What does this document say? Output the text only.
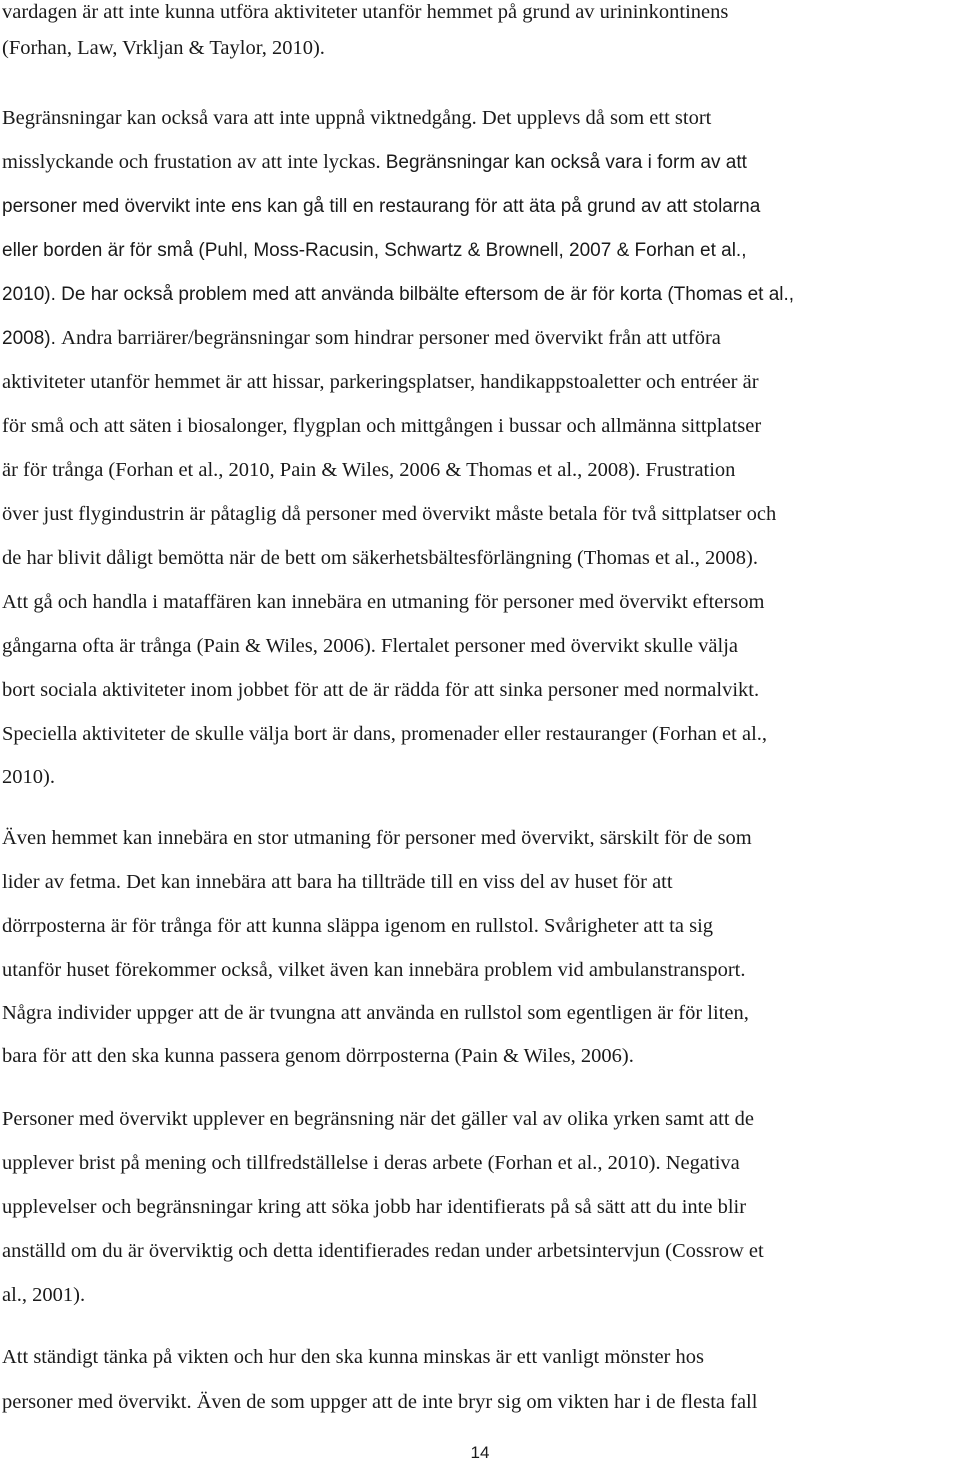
vardagen är att inte kunna utföra aktiviteter utanför hemmet på grund av urininkontinens
(Forhan, Law, Vrkljan & Taylor, 2010).
Begränsningar kan också vara att inte uppnå viktnedgång. Det upplevs då som ett stort
misslyckande och frustation av att inte lyckas. Begränsningar kan också vara i form av att
personer med övervikt inte ens kan gå till en restaurang för att äta på grund av att stolarna
eller borden är för små (Puhl, Moss-Racusin, Schwartz & Brownell, 2007 & Forhan et al.,
2010). De har också problem med att använda bilbälte eftersom de är för korta (Thomas et al.,
2008). Andra barriärer/begränsningar som hindrar personer med övervikt från att utföra
aktiviteter utanför hemmet är att hissar, parkeringsplatser, handikappstoaletter och entréer är
för små och att säten i biosalonger, flygplan och mittgången i bussar och allmänna sittplatser
är för trånga (Forhan et al., 2010, Pain & Wiles, 2006 & Thomas et al., 2008). Frustration
över just flygindustrin är påtaglig då personer med övervikt måste betala för två sittplatser och
de har blivit dåligt bemötta när de bett om säkerhetsbältesförlängning (Thomas et al., 2008).
Att gå och handla i mataffären kan innebära en utmaning för personer med övervikt eftersom
gångarna ofta är trånga (Pain & Wiles, 2006). Flertalet personer med övervikt skulle välja
bort sociala aktiviteter inom jobbet för att de är rädda för att sinka personer med normalvikt.
Speciella aktiviteter de skulle välja bort är dans, promenader eller restauranger (Forhan et al.,
2010).
Även hemmet kan innebära en stor utmaning för personer med övervikt, särskilt för de som
lider av fetma. Det kan innebära att bara ha tillträde till en viss del av huset för att
dörrposterna är för trånga för att kunna släppa igenom en rullstol. Svårigheter att ta sig
utanför huset förekommer också, vilket även kan innebära problem vid ambulanstransport.
Några individer uppger att de är tvungna att använda en rullstol som egentligen är för liten,
bara för att den ska kunna passera genom dörrposterna (Pain & Wiles, 2006).
Personer med övervikt upplever en begränsning när det gäller val av olika yrken samt att de
upplever brist på mening och tillfredställelse i deras arbete (Forhan et al., 2010). Negativa
upplevelser och begränsningar kring att söka jobb har identifierats på så sätt att du inte blir
anställd om du är överviktig och detta identifierades redan under arbetsintervjun (Cossrow et
al., 2001).
Att ständigt tänka på vikten och hur den ska kunna minskas är ett vanligt mönster hos
personer med övervikt. Även de som uppger att de inte bryr sig om vikten har i de flesta fall
14
